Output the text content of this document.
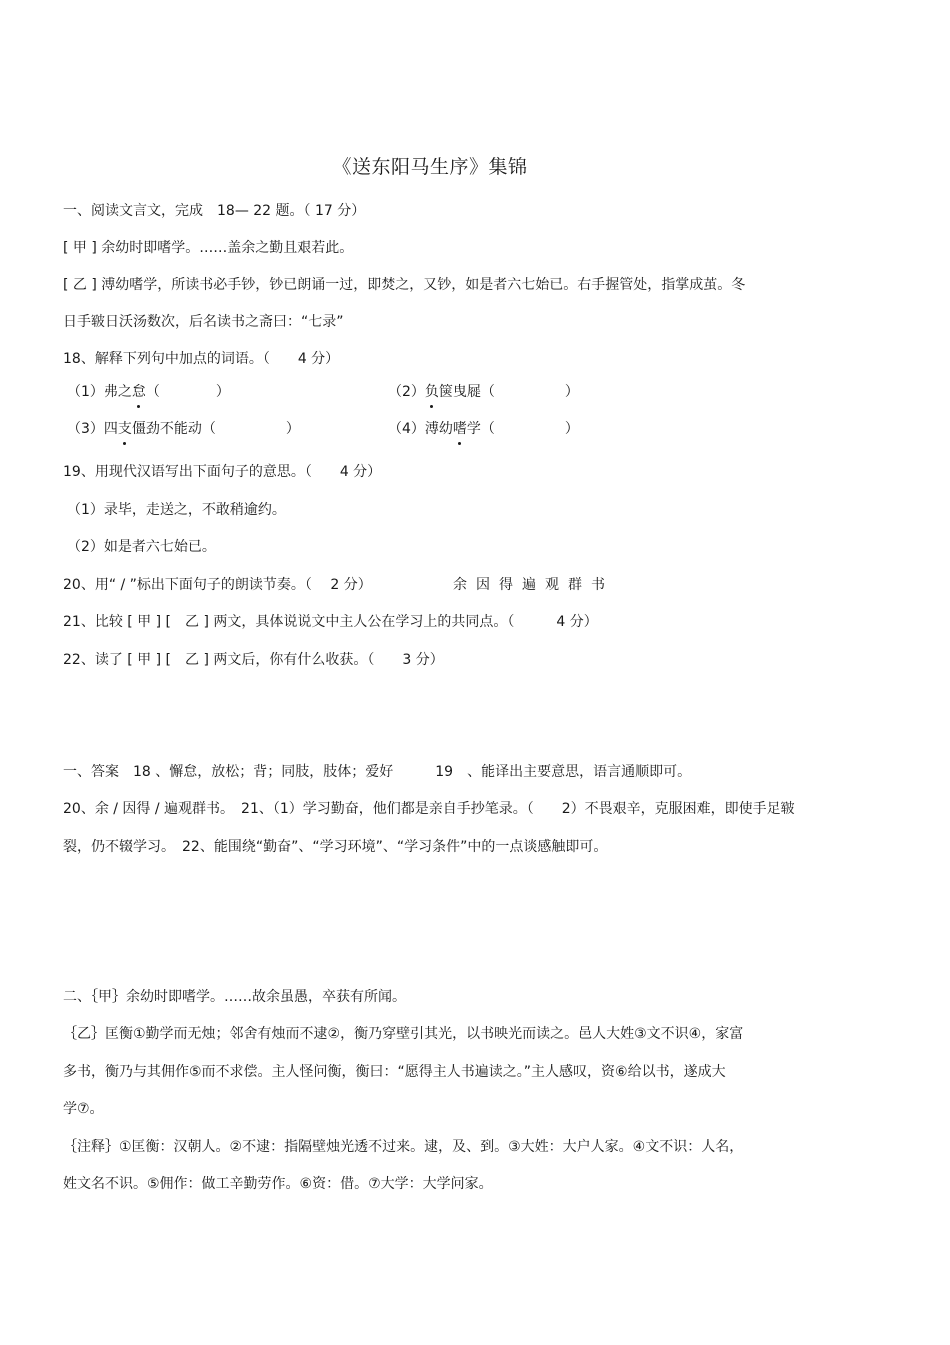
《送东阳马生序》集锦
一、阅读文言文，完成　18— 22 题。（ 17 分）
[ 甲 ] 余幼时即嗜学。……盖余之勤且艰若此。
[ 乙 ] 溥幼嗜学，所读书必手钞，钞已朗诵一过，即焚之，又钞，如是者六七始已。右手握管处，指掌成茧。冬
日手皲日沃汤数次，后名读书之斋曰：“七录”
18、解释下列句中加点的词语。（　　4 分）
（1）弗之怠（　　　　）	（2）负箧曳屣（　　　　　）
（3）四支僵劲不能动（　　　　　）	（4）溥幼嗜学（　　　　　）
19、用现代汉语写出下面句子的意思。（　　4 分）
（1）录毕，走送之，不敢稍逾约。
（2）如是者六七始已。
20、用“ / ”标出下面句子的朗读节奏。（　 2 分）	余因得遍观群书
21、比较 [ 甲 ] [　乙 ] 两文，具体说说文中主人公在学习上的共同点。（　　　4 分）
22、读了 [ 甲 ] [　乙 ] 两文后，你有什么收获。（　　3 分）
一、答案　18 、懈怠，放松；背；同肢，肢体；爱好　　　19　、能译出主要意思，语言通顺即可。
20、余 / 因得 / 遍观群书。　21、（1）学习勤奋，他们都是亲自手抄笔录。（　　2）不畏艰辛，克服困难，即使手足皲
裂，仍不辍学习。　22、能围绕“勤奋”、“学习环境”、“学习条件”中的一点谈感触即可。
二、｛甲｝余幼时即嗜学。……故余虽愚，卒获有所闻。
｛乙｝匡衡①勤学而无烛；邻舍有烛而不逮②，衡乃穿壁引其光，以书映光而读之。邑人大姓③文不识④，家富
多书，衡乃与其佣作⑤而不求偿。主人怪问衡，衡曰：“愿得主人书遍读之。”主人感叹，资⑥给以书，遂成大
学⑦。
｛注释｝①匡衡：汉朝人。②不逮：指隔壁烛光透不过来。逮，及、到。③大姓：大户人家。④文不识：人名，
姓文名不识。⑤佣作：做工辛勤劳作。⑥资：借。⑦大学：大学问家。
